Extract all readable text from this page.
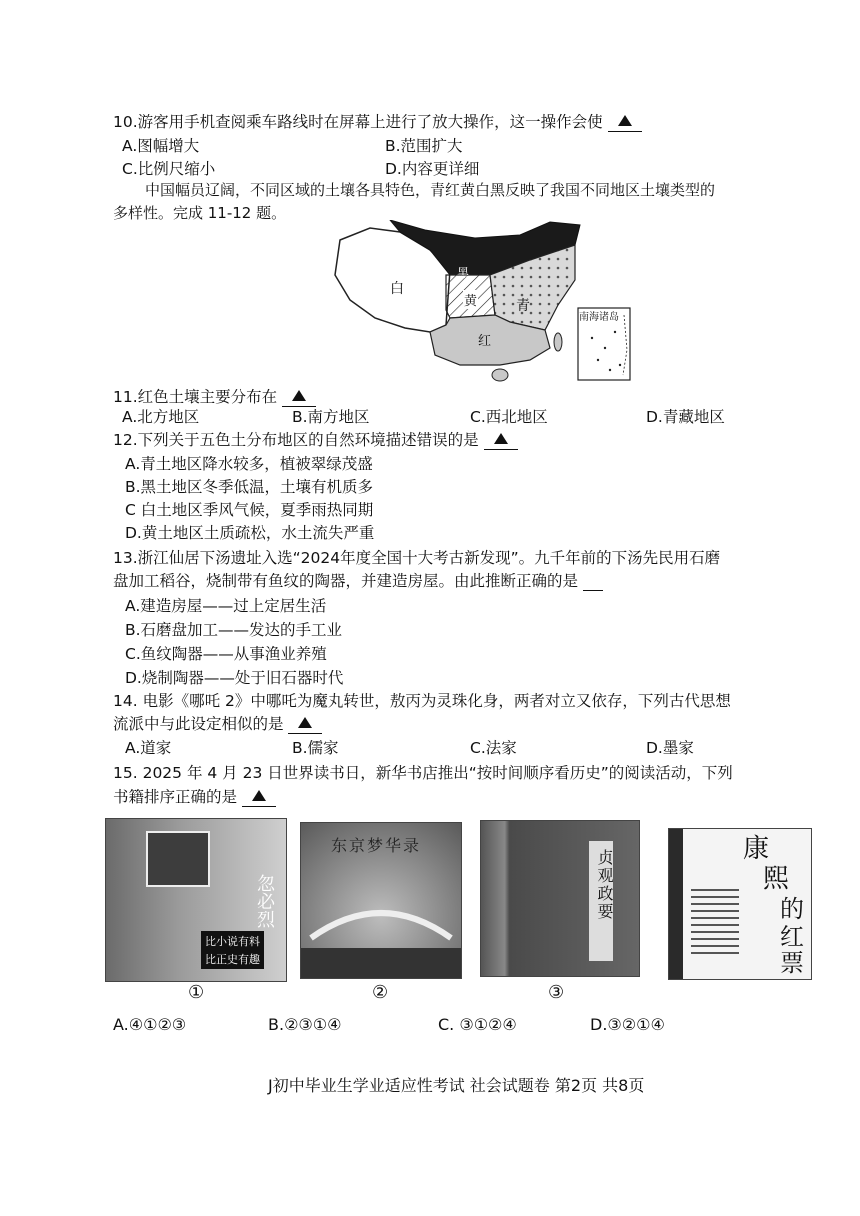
10.游客用手机查阅乘车路线时在屏幕上进行了放大操作，这一操作会使
A.图幅增大	B.范围扩大
C.比例尺缩小	D.内容更详细
中国幅员辽阔，不同区域的土壤各具特色，青红黄白黑反映了我国不同地区土壤类型的
多样性。完成 11-12 题。
白
黄	青
红
黑
南海诸岛
11.红色土壤主要分布在
A.北方地区	B.南方地区	C.西北地区	D.青藏地区
12.下列关于五色土分布地区的自然环境描述错误的是
A.青土地区降水较多，植被翠绿茂盛
B.黑土地区冬季低温，土壤有机质多
C 白土地区季风气候，夏季雨热同期
D.黄土地区土质疏松，水土流失严重
13.浙江仙居下汤遗址入选“2024年度全国十大考古新发现”。九千年前的下汤先民用石磨
盘加工稻谷，烧制带有鱼纹的陶器，并建造房屋。由此推断正确的是
A.建造房屋——过上定居生活
B.石磨盘加工——发达的手工业
C.鱼纹陶器——从事渔业养殖
D.烧制陶器——处于旧石器时代
14. 电影《哪吒 2》中哪吒为魔丸转世，敖丙为灵珠化身，两者对立又依存，下列古代思想
流派中与此设定相似的是
A.道家	B.儒家	C.法家	D.墨家
15. 2025 年 4 月 23 日世界读书日，新华书店推出“按时间顺序看历史”的阅读活动，下列
书籍排序正确的是
忽必烈
比小说有料
比正史有趣
①
东京梦华录
②
贞观政要
③
康
熙
的
红
票
A.④①②③	B.②③①④	C. ③①②④	D.③②①④
J初中毕业生学业适应性考试 社会试题卷 第2页 共8页
